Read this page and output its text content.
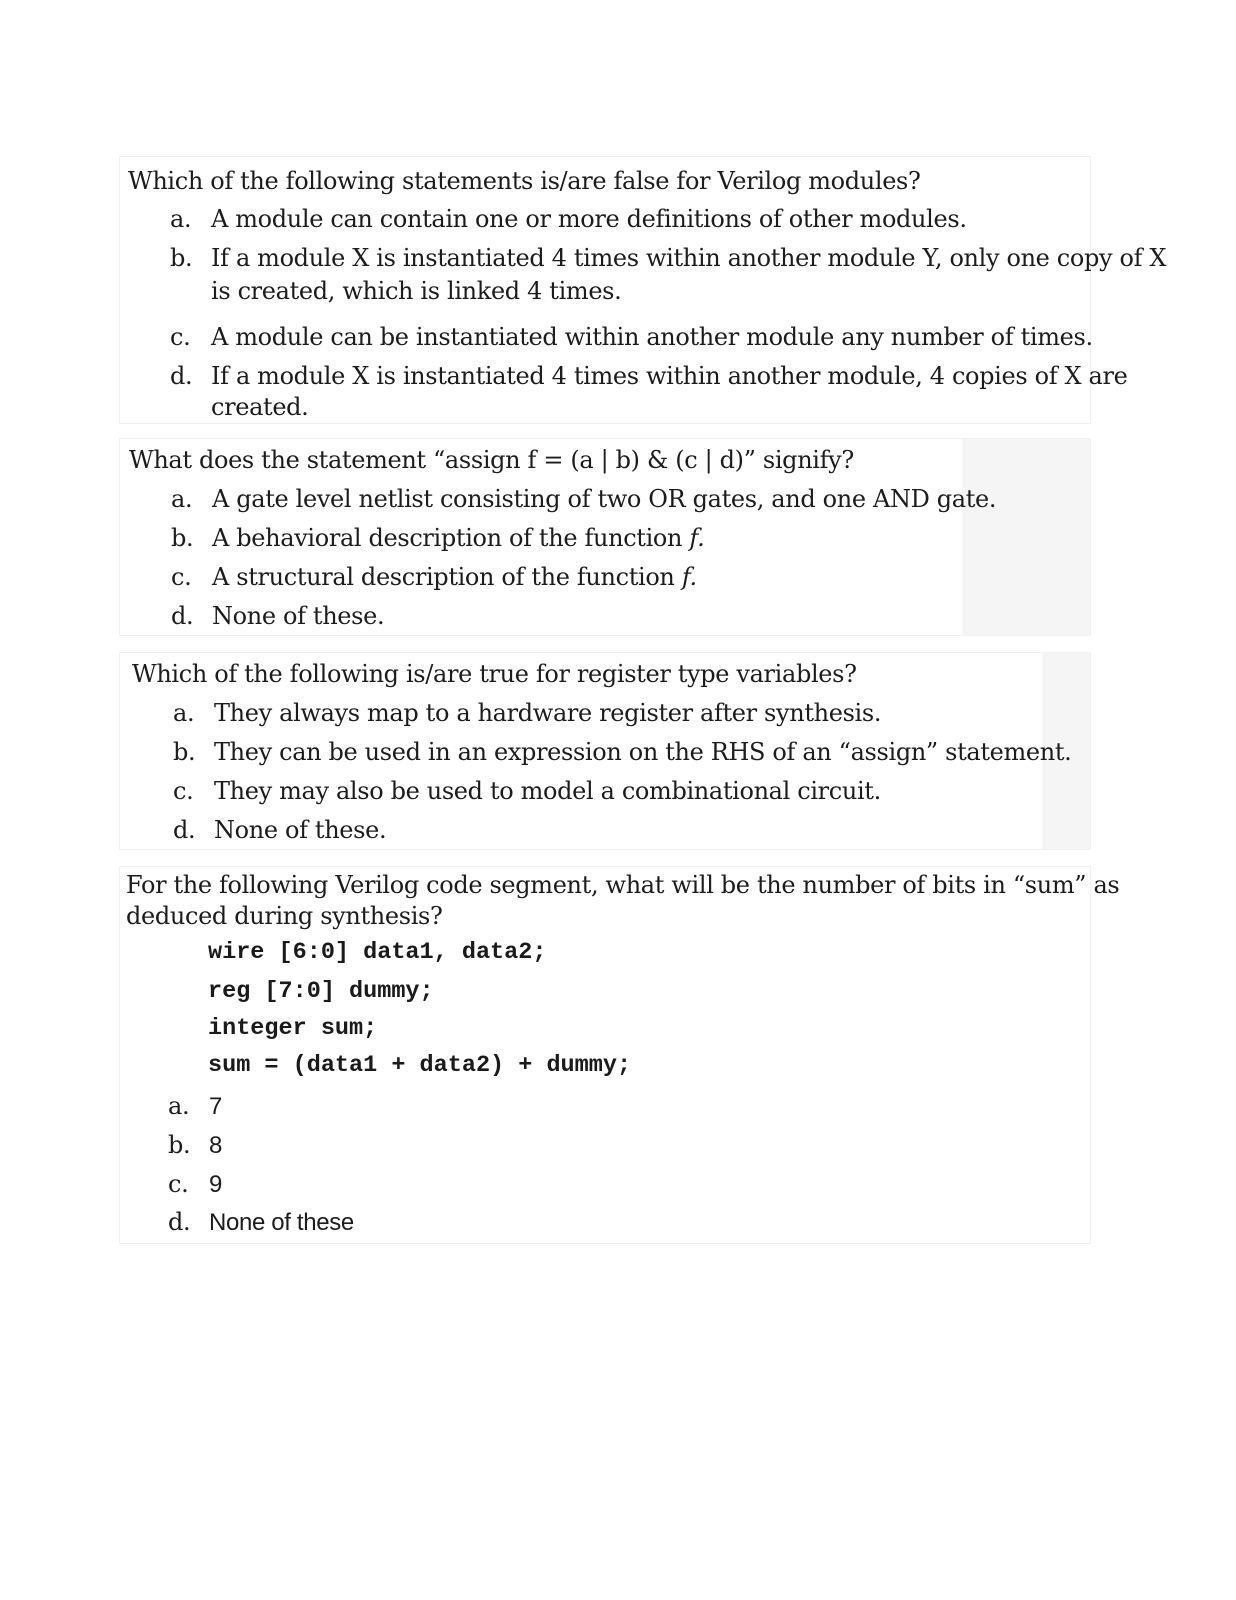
Which of the following statements is/are false for Verilog modules?
a. A module can contain one or more definitions of other modules.
b. If a module X is instantiated 4 times within another module Y, only one copy of X
is created, which is linked 4 times.
c. A module can be instantiated within another module any number of times.
d. If a module X is instantiated 4 times within another module, 4 copies of X are
created.
What does the statement “assign f = (a | b) & (c | d)” signify?
a. A gate level netlist consisting of two OR gates, and one AND gate.
b. A behavioral description of the function f.
c. A structural description of the function f.
d. None of these.
Which of the following is/are true for register type variables?
a. They always map to a hardware register after synthesis.
b. They can be used in an expression on the RHS of an “assign” statement.
c. They may also be used to model a combinational circuit.
d. None of these.
For the following Verilog code segment, what will be the number of bits in “sum” as
deduced during synthesis?
wire [6:0] data1, data2;
reg [7:0] dummy;
integer sum;
sum = (data1 + data2) + dummy;
a. 7
b. 8
c. 9
d. None of these
